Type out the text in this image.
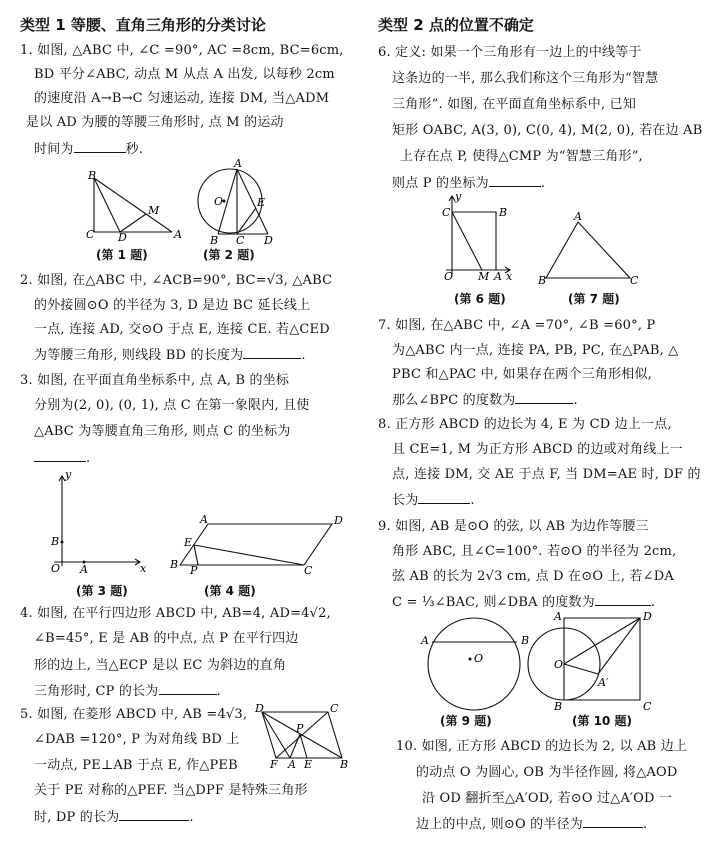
类型 1 等腰、直角三角形的分类讨论
1. 如图, △ABC 中, ∠C =90°, AC =8cm, BC=6cm,
BD 平分∠ABC, 动点 M 从点 A 出发, 以每秒 2cm
的速度沿 A→B→C 匀速运动, 连接 DM, 当△ADM
是以 AD 为腰的等腰三角形时, 点 M 的运动
时间为	秒.
B
C D	A
M
(第 1 题)
A
O	E
B C D
(第 2 题)
2. 如图, 在△ABC 中, ∠ACB=90°, BC=√3, △ABC
的外接圆⊙O 的半径为 3, D 是边 BC 延长线上
一点, 连接 AD, 交⊙O 于点 E, 连接 CE. 若△CED
为等腰三角形, 则线段 BD 的长度为	.
3. 如图, 在平面直角坐标系中, 点 A, B 的坐标
分别为(2, 0), (0, 1), 点 C 在第一象限内, 且使
△ABC 为等腰直角三角形, 则点 C 的坐标为
.
y
B
O A	x
(第 3 题)
A
E
B P	C
D
(第 4 题)
4. 如图, 在平行四边形 ABCD 中, AB=4, AD=4√2,
∠B=45°, E 是 AB 的中点, 点 P 在平行四边
形的边上, 当△ECP 是以 EC 为斜边的直角
三角形时, CP 的长为	.
5. 如图, 在菱形 ABCD 中, AB =4√3,
∠DAB =120°, P 为对角线 BD 上
一动点, PE⊥AB 于点 E, 作△PEB
关于 PE 对称的△PEF. 当△DPF 是特殊三角形
时, DP 的长为	.
D	C
P
F A E	B
类型 2 点的位置不确定
6. 定义: 如果一个三角形有一边上的中线等于
这条边的一半, 那么我们称这个三角形为“智慧
三角形”. 如图, 在平面直角坐标系中, 已知
矩形 OABC, A(3, 0), C(0, 4), M(2, 0), 若在边 AB
上存在点 P, 使得△CMP 为“智慧三角形”,
则点 P 的坐标为	.
y
C	B
O M A x
(第 6 题)
A
B	C
(第 7 题)
7. 如图, 在△ABC 中, ∠A =70°, ∠B =60°, P
为△ABC 内一点, 连接 PA, PB, PC, 在△PAB, △
PBC 和△PAC 中, 如果存在两个三角形相似,
那么∠BPC 的度数为	.
8. 正方形 ABCD 的边长为 4, E 为 CD 边上一点,
且 CE=1, M 为正方形 ABCD 的边或对角线上一
点, 连接 DM, 交 AE 于点 F, 当 DM=AE 时, DF 的
长为	.
9. 如图, AB 是⊙O 的弦, 以 AB 为边作等腰三
角形 ABC, 且∠C=100°. 若⊙O 的半径为 2cm,
弦 AB 的长为 2√3 cm, 点 D 在⊙O 上, 若∠DA
C = ⅓∠BAC, 则∠DBA 的度数为	.
A	B
O
(第 9 题)
A	D
O
A′
B	C
(第 10 题)
10. 如图, 正方形 ABCD 的边长为 2, 以 AB 边上
的动点 O 为圆心, OB 为半径作圆, 将△AOD
沿 OD 翻折至△A′OD, 若⊙O 过△A′OD 一
边上的中点, 则⊙O 的半径为	.
